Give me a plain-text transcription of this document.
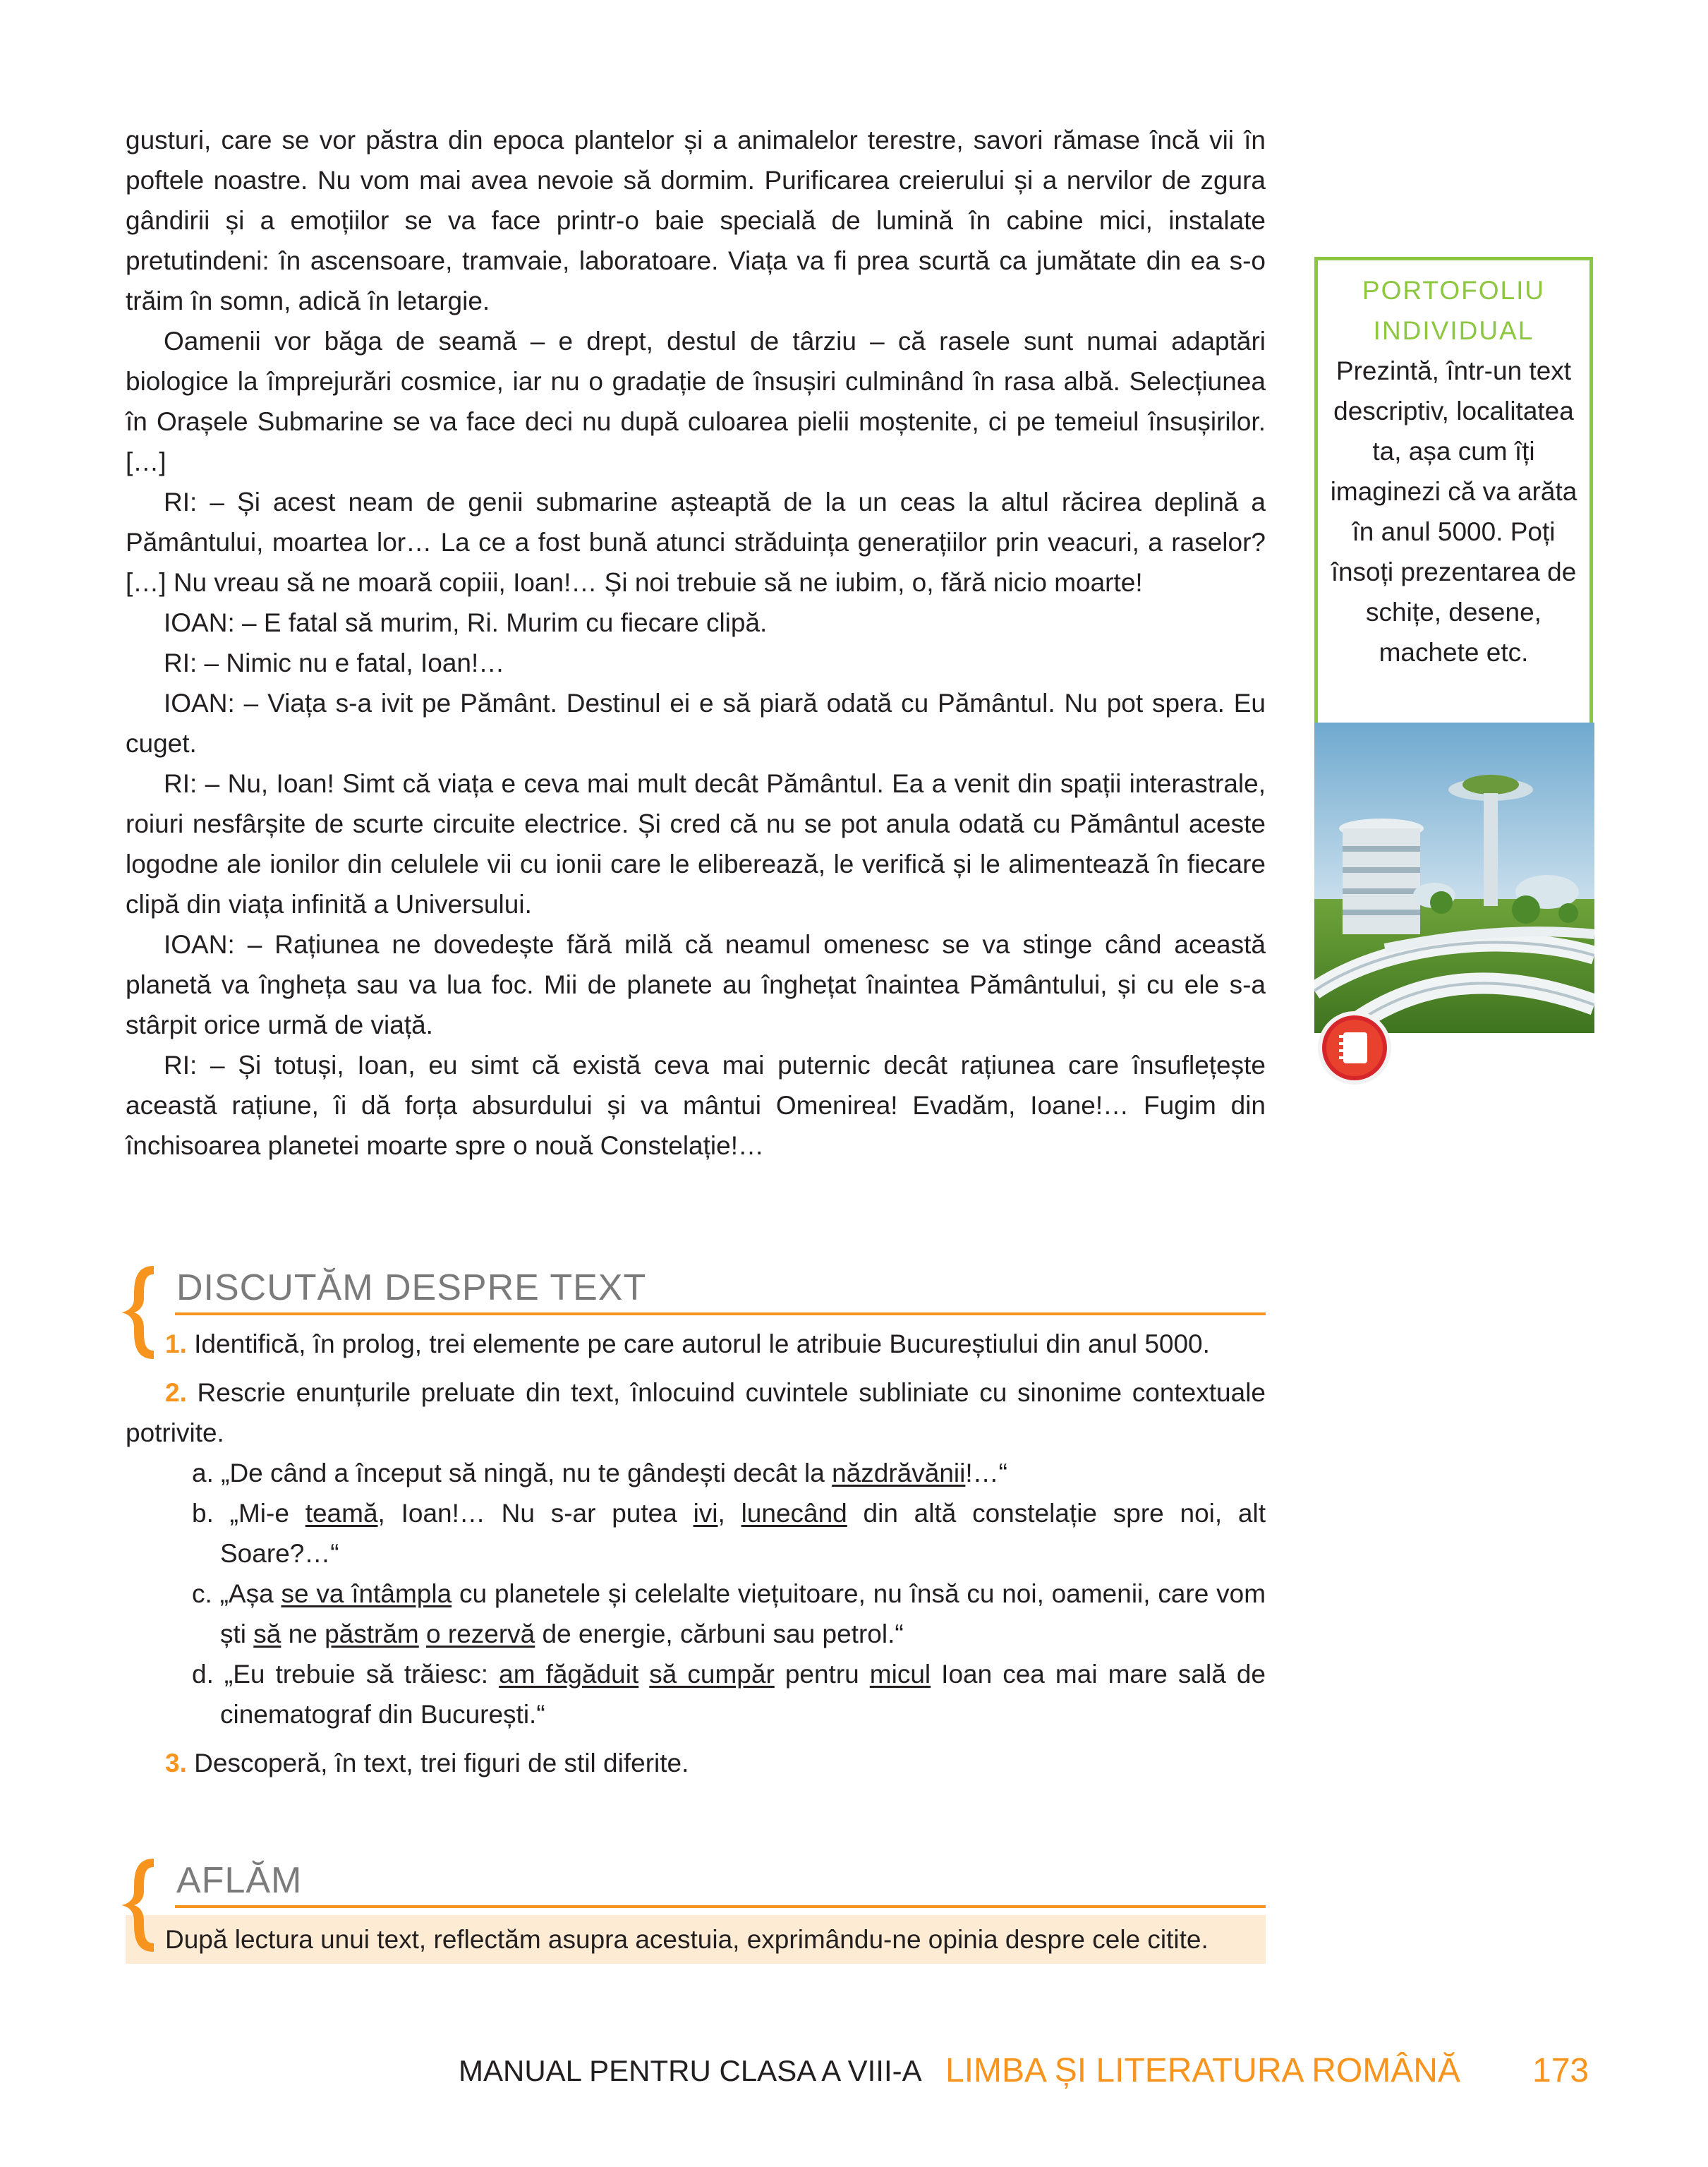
gusturi, care se vor păstra din epoca plantelor și a animalelor terestre, savori rămase încă vii în poftele noastre. Nu vom mai avea nevoie să dormim. Purificarea creierului și a nervilor de zgura gândirii și a emoțiilor se va face printr-o baie specială de lumină în cabine mici, instalate pretutindeni: în ascensoare, tramvaie, laboratoare. Viața va fi prea scurtă ca jumătate din ea s-o trăim în somn, adică în letargie.

Oamenii vor băga de seamă – e drept, destul de târziu – că rasele sunt numai adaptări biologice la împrejurări cosmice, iar nu o gradație de însușiri culminând în rasa albă. Selecțiunea în Orașele Submarine se va face deci nu după culoarea pielii moștenite, ci pe temeiul însușirilor. […]

RI: – Și acest neam de genii submarine așteaptă de la un ceas la altul răcirea deplină a Pământului, moartea lor… La ce a fost bună atunci străduința generațiilor prin veacuri, a raselor? […] Nu vreau să ne moară copiii, Ioan!… Și noi trebuie să ne iubim, o, fără nicio moarte!

IOAN: – E fatal să murim, Ri. Murim cu fiecare clipă.

RI: – Nimic nu e fatal, Ioan!…

IOAN: – Viața s-a ivit pe Pământ. Destinul ei e să piară odată cu Pământul. Nu pot spera. Eu cuget.

RI: – Nu, Ioan! Simt că viața e ceva mai mult decât Pământul. Ea a venit din spații interastrale, roiuri nesfârșite de scurte circuite electrice. Și cred că nu se pot anula odată cu Pământul aceste logodne ale ionilor din celulele vii cu ionii care le eliberează, le verifică și le alimentează în fiecare clipă din viața infinită a Universului.

IOAN: – Rațiunea ne dovedește fără milă că neamul omenesc se va stinge când această planetă va îngheța sau va lua foc. Mii de planete au înghețat înaintea Pământului, și cu ele s-a stârpit orice urmă de viață.

RI: – Și totuși, Ioan, eu simt că există ceva mai puternic decât rațiunea care însuflețește această rațiune, îi dă forța absurdului și va mântui Omenirea! Evadăm, Ioane!… Fugim din închisoarea planetei moarte spre o nouă Constelație!…

PORTOFOLIU
INDIVIDUAL
Prezintă, într-un text descriptiv, localitatea ta, așa cum îți imaginezi că va arăta în anul 5000. Poți însoți prezentarea de schițe, desene, machete etc.
DISCUTĂM DESPRE TEXT

1. Identifică, în prolog, trei elemente pe care autorul le atribuie Bucureștiului din anul 5000.

2. Rescrie enunțurile preluate din text, înlocuind cuvintele subliniate cu sinonime contextuale potrivite.

a. „De când a început să ningă, nu te gândești decât la năzdrăvănii!…“

b. „Mi-e teamă, Ioan!… Nu s-ar putea ivi, lunecând din altă constelație spre noi, alt Soare?…“

c. „Așa se va întâmpla cu planetele și celelalte viețuitoare, nu însă cu noi, oamenii, care vom ști să ne păstrăm o rezervă de energie, cărbuni sau petrol.“

d. „Eu trebuie să trăiesc: am făgăduit să cumpăr pentru micul Ioan cea mai mare sală de cinematograf din București.“

3. Descoperă, în text, trei figuri de stil diferite.

AFLĂM

După lectura unui text, reflectăm asupra acestuia, exprimându-ne opinia despre cele citite.

MANUAL PENTRU CLASA A VIII-A LIMBA ȘI LITERATURA ROMÂNĂ 173
